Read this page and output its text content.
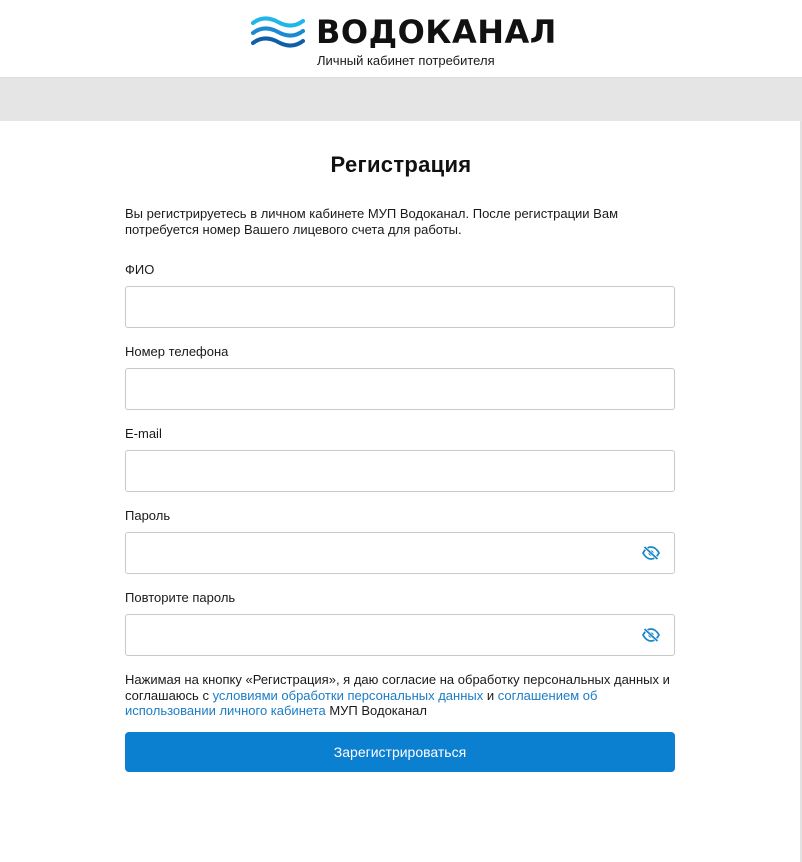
ВОДОКАНАЛ
Личный кабинет потребителя
Регистрация
Вы регистрируетесь в личном кабинете МУП Водоканал. После регистрации Вам потребуется номер Вашего лицевого счета для работы.
ФИО
Номер телефона
E-mail
Пароль
Повторите пароль
Нажимая на кнопку «Регистрация», я даю согласие на обработку персональных данных и соглашаюсь с условиями обработки персональных данных и соглашением об использовании личного кабинета МУП Водоканал
Зарегистрироваться
